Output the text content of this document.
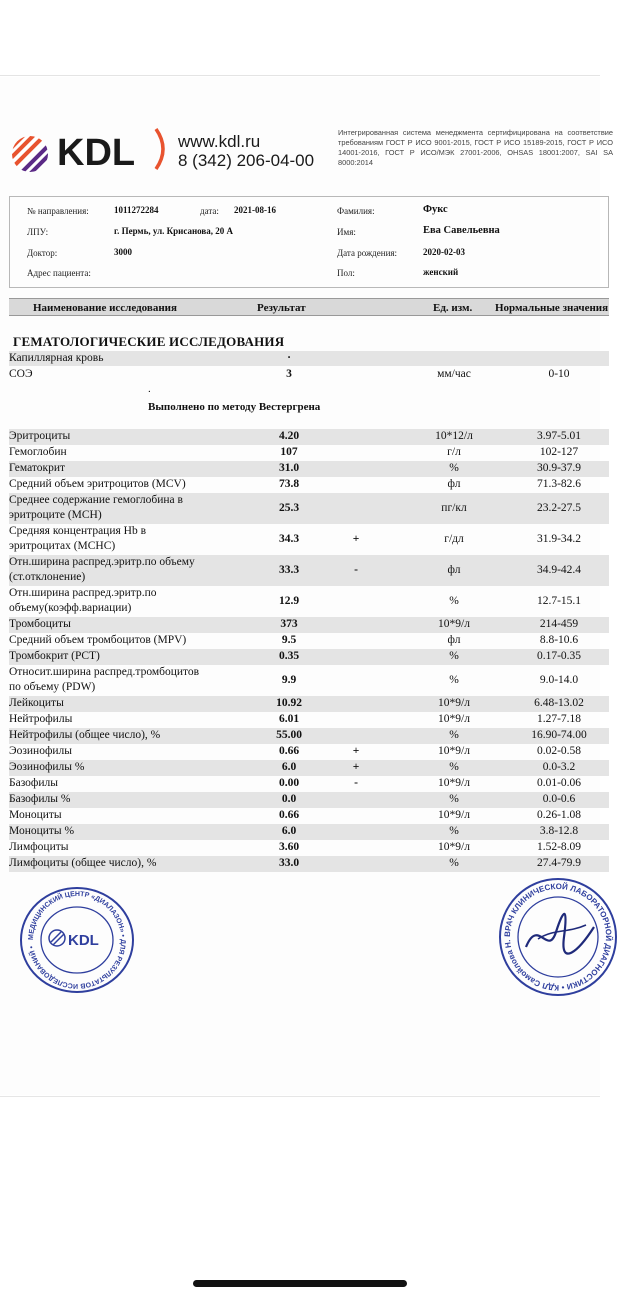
KDL	www.kdl.ru
8 (342) 206-04-00
Интегрированная система менеджмента сертифицирована на соответствие требованиям ГОСТ Р ИСО 9001-2015, ГОСТ Р ИСО 15189-2015, ГОСТ Р ИСО 14001-2016, ГОСТ Р ИСО/МЭК 27001-2006, OHSAS 18001:2007, SAI SA 8000:2014
№ направления:	1011272284	дата: 2021-08-16
ЛПУ:	г. Пермь, ул. Крисанова, 20 А
Доктор:	3000
Адрес пациента:
Фамилия:	Фукс
Имя:	Ева Савельевна
Дата рождения:	2020-02-03
Пол:	женский
Наименование исследования	Результат	Ед. изм. Нормальные значения
ГЕМАТОЛОГИЧЕСКИЕ ИССЛЕДОВАНИЯ
Капиллярная кровь	.
СОЭ	3	мм/час	0-10
.
Выполнено по методу Вестергрена
Эритроциты	4.20	10*12/л	3.97-5.01
Гемоглобин	107	г/л	102-127
Гематокрит	31.0	%	30.9-37.9
Средний объем эритроцитов (MCV)	73.8	фл	71.3-82.6
Среднее содержание гемоглобина в
эритроците (MCH)
25.3	пг/кл	23.2-27.5
Средняя концентрация Hb в
эритроцитах (MCHC)
34.3	+	г/дл	31.9-34.2
Отн.ширина распред.эритр.по объему
(ст.отклонение)
33.3	-	фл	34.9-42.4
Отн.ширина распред.эритр.по
объему(коэфф.вариации)
12.9	%	12.7-15.1
Тромбоциты	373	10*9/л	214-459
Средний объем тромбоцитов (MPV)	9.5	фл	8.8-10.6
Тромбокрит (PCT)	0.35	%	0.17-0.35
Относит.ширина распред.тромбоцитов
по объему (PDW)
9.9	%	9.0-14.0
Лейкоциты	10.92	10*9/л	6.48-13.02
Нейтрофилы	6.01	10*9/л	1.27-7.18
Нейтрофилы (общее число), %	55.00	%	16.90-74.00
Эозинофилы	0.66	+	10*9/л	0.02-0.58
Эозинофилы %	6.0	+	%	0.0-3.2
Базофилы	0.00	-	10*9/л	0.01-0.06
Базофилы %	0.0	%	0.0-0.6
Моноциты	0.66	10*9/л	0.26-1.08
Моноциты %	6.0	%	3.8-12.8
Лимфоциты	3.60	10*9/л	1.52-8.09
Лимфоциты (общее число), %	33.0	%	27.4-79.9
МЕДИЦИНСКИЙ ЦЕНТР «ДИАЛАЗОН» • ДЛЯ РЕЗУЛЬТАТОВ ИССЛЕДОВАНИЙ •	KDL	ВРАЧ КЛИНИЧЕСКОЙ ЛАБОРАТОРНОЙ ДИАГНОСТИКИ • КДЛ Самойлова Н.
